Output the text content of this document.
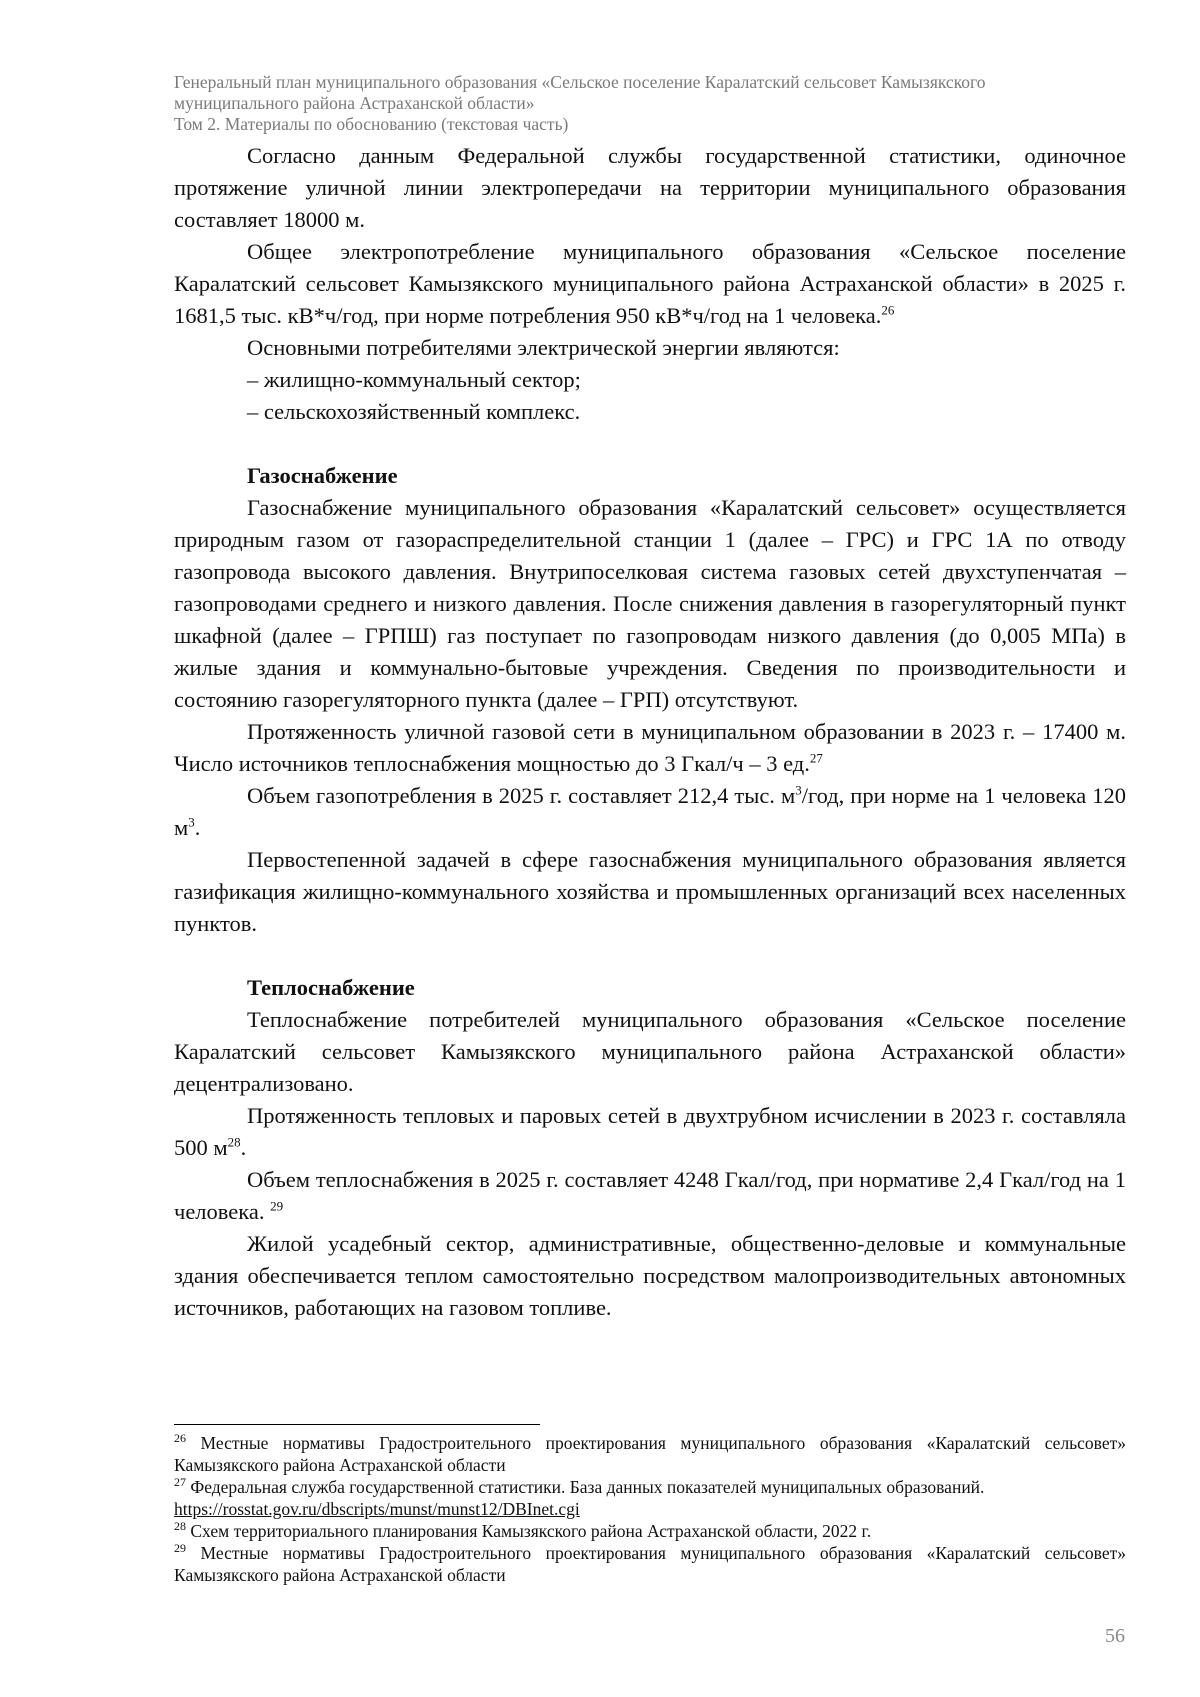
Генеральный план муниципального образования «Сельское поселение Каралатский сельсовет Камызякского
муниципального района Астраханской области»
Том 2. Материалы по обоснованию (текстовая часть)

Согласно данным Федеральной службы государственной статистики, одиночное протяжение уличной линии электропередачи на территории муниципального образования составляет 18000 м.

Общее электропотребление муниципального образования «Сельское поселение Каралатский сельсовет Камызякского муниципального района Астраханской области» в 2025 г. 1681,5 тыс. кВ*ч/год, при норме потребления 950 кВ*ч/год на 1 человека.$^{26}$

Основными потребителями электрической энергии являются:

– жилищно-коммунальный сектор;

– сельскохозяйственный комплекс.

Газоснабжение

Газоснабжение муниципального образования «Каралатский сельсовет» осуществляется природным газом от газораспределительной станции 1 (далее – ГРС) и ГРС 1А по отводу газопровода высокого давления. Внутрипоселковая система газовых сетей двухступенчатая – газопроводами среднего и низкого давления. После снижения давления в газорегуляторный пункт шкафной (далее – ГРПШ) газ поступает по газопроводам низкого давления (до 0,005 МПа) в жилые здания и коммунально-бытовые учреждения. Сведения по производительности и состоянию газорегуляторного пункта (далее – ГРП) отсутствуют.

Протяженность уличной газовой сети в муниципальном образовании в 2023 г. – 17400 м. Число источников теплоснабжения мощностью до 3 Гкал/ч – 3 ед.$^{27}$

Объем газопотребления в 2025 г. составляет 212,4 тыс. $м^3$/год, при норме на 1 человека 120 $м^3$.

Первостепенной задачей в сфере газоснабжения муниципального образования является газификация жилищно-коммунального хозяйства и промышленных организаций всех населенных пунктов.

Теплоснабжение

Теплоснабжение потребителей муниципального образования «Сельское поселение Каралатский сельсовет Камызякского муниципального района Астраханской области» децентрализовано.

Протяженность тепловых и паровых сетей в двухтрубном исчислении в 2023 г. составляла 500 $м^{28}$.

Объем теплоснабжения в 2025 г. составляет 4248 Гкал/год, при нормативе 2,4 Гкал/год на 1 человека. $^{29}$

Жилой усадебный сектор, административные, общественно-деловые и коммунальные здания обеспечивается теплом самостоятельно посредством малопроизводительных автономных источников, работающих на газовом топливе.

$^{26}$ Местные нормативы Градостроительного проектирования муниципального образования «Каралатский сельсовет» Камызякского района Астраханской области

$^{27}$ Федеральная служба государственной статистики. База данных показателей муниципальных образований.
https://rosstat.gov.ru/dbscripts/munst/munst12/DBInet.cgi

$^{28}$ Схем территориального планирования Камызякского района Астраханской области, 2022 г.

$^{29}$ Местные нормативы Градостроительного проектирования муниципального образования «Каралатский сельсовет» Камызякского района Астраханской области

56
